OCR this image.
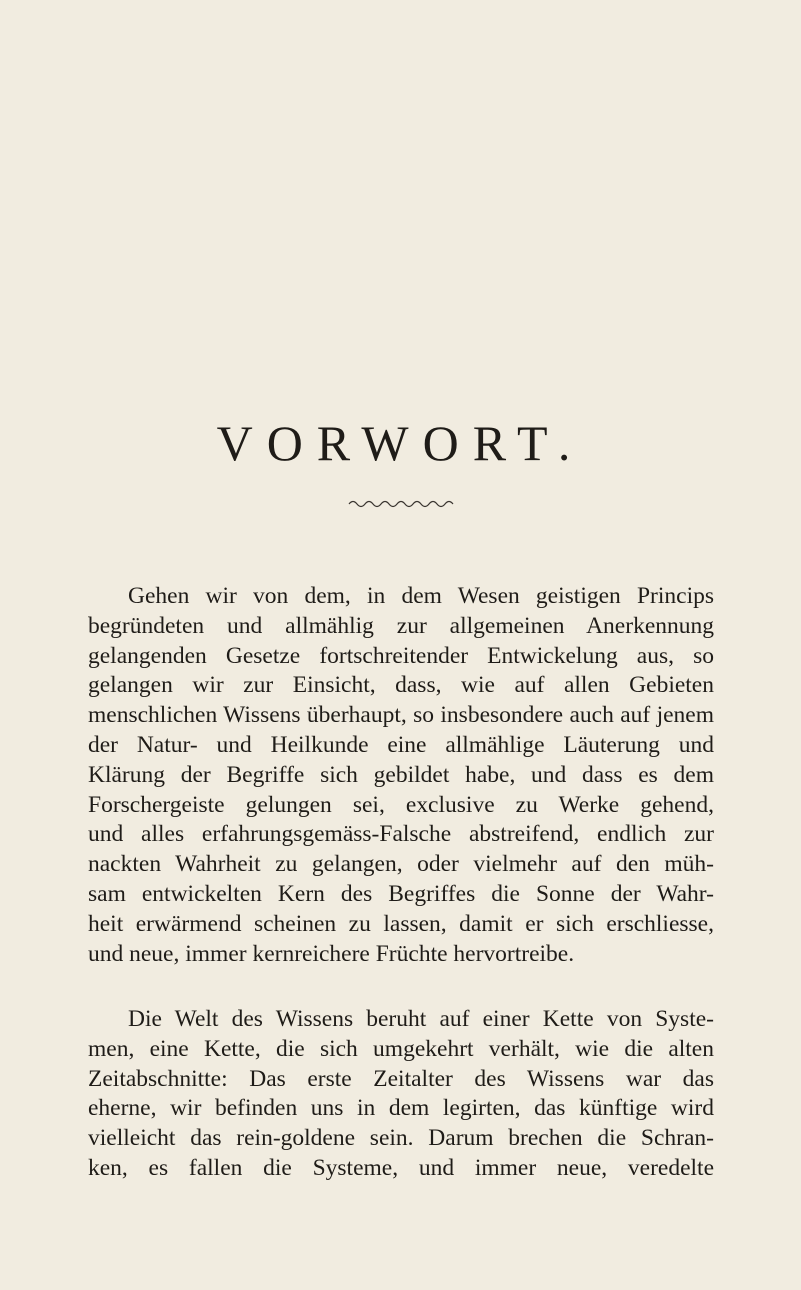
VORWORT.
Gehen wir von dem, in dem Wesen geistigen Princips
begründeten und allmählig zur allgemeinen Anerkennung
gelangenden Gesetze fortschreitender Entwickelung aus, so
gelangen wir zur Einsicht, dass, wie auf allen Gebieten
menschlichen Wissens überhaupt, so insbesondere auch auf jenem
der Natur- und Heilkunde eine allmählige Läuterung und
Klärung der Begriffe sich gebildet habe, und dass es dem
Forschergeiste gelungen sei, exclusive zu Werke gehend,
und alles erfahrungsgemäss-Falsche abstreifend, endlich zur
nackten Wahrheit zu gelangen, oder vielmehr auf den müh-
sam entwickelten Kern des Begriffes die Sonne der Wahr-
heit erwärmend scheinen zu lassen, damit er sich erschliesse,
und neue, immer kernreichere Früchte hervortreibe.
Die Welt des Wissens beruht auf einer Kette von Syste-
men, eine Kette, die sich umgekehrt verhält, wie die alten
Zeitabschnitte: Das erste Zeitalter des Wissens war das
eherne, wir befinden uns in dem legirten, das künftige wird
vielleicht das rein-goldene sein. Darum brechen die Schran-
ken, es fallen die Systeme, und immer neue, veredelte
